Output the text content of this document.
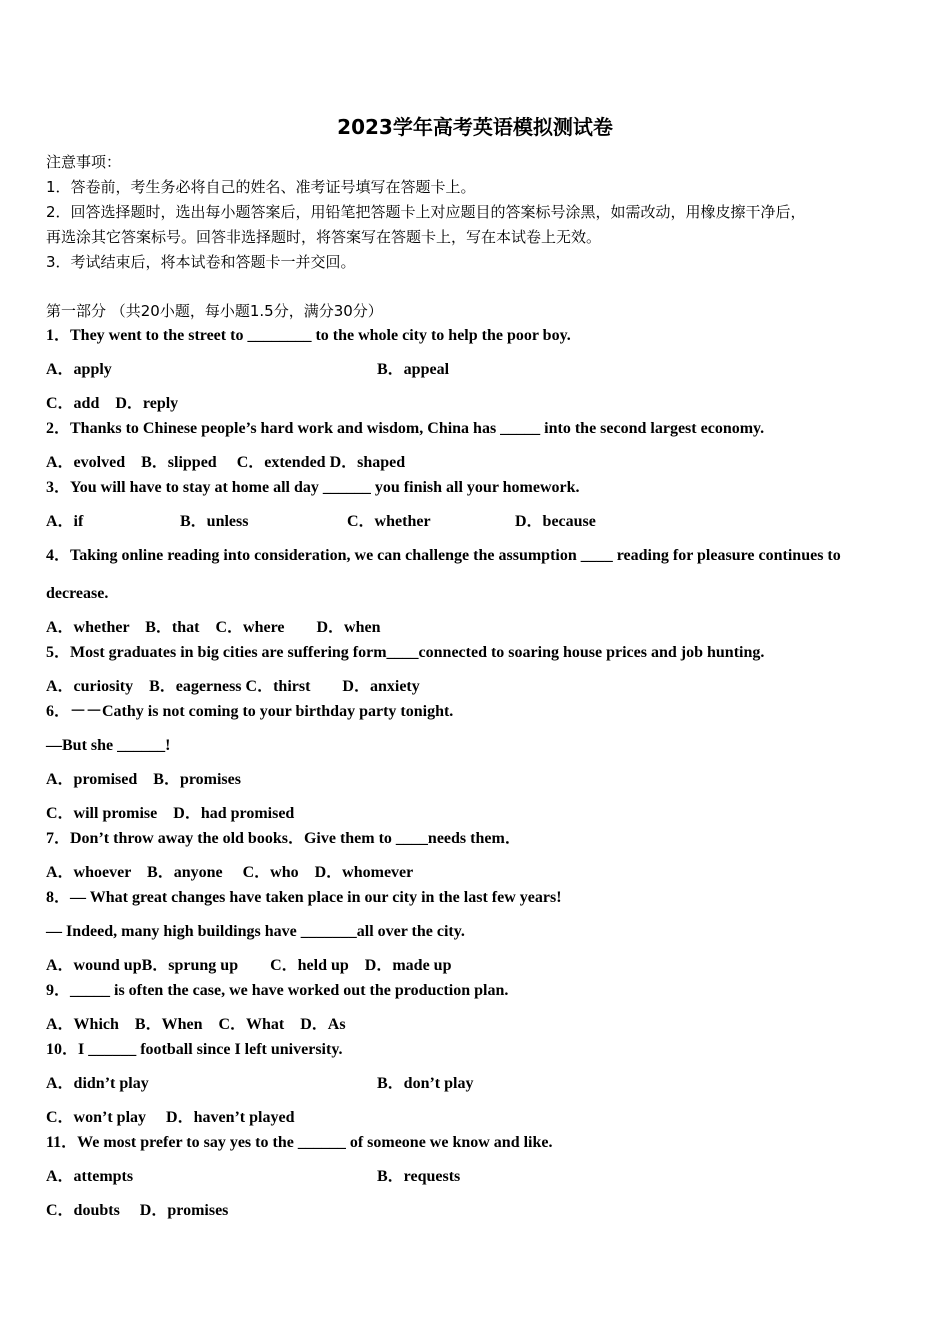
2023学年高考英语模拟测试卷
注意事项：
1．答卷前，考生务必将自己的姓名、准考证号填写在答题卡上。
2．回答选择题时，选出每小题答案后，用铅笔把答题卡上对应题目的答案标号涂黑，如需改动，用橡皮擦干净后，
再选涂其它答案标号。回答非选择题时，将答案写在答题卡上，写在本试卷上无效。
3．考试结束后，将本试卷和答题卡一并交回。
第一部分 （共20小题，每小题1.5分，满分30分）
1．They went to the street to ________ to the whole city to help the poor boy.
A．apply	B．appeal
C．add　D．reply
2．Thanks to Chinese people’s hard work and wisdom, China has _____ into the second largest economy.
A．evolved　B．slipped　 C．extended D．shaped
3．You will have to stay at home all day ______ you finish all your homework.
A．if	B．unless	C．whether	D．because
4．Taking online reading into consideration, we can challenge the assumption ____ reading for pleasure continues to
decrease.
A．whether　B．that　C．where　　D．when
5．Most graduates in big cities are suffering form____connected to soaring house prices and job hunting.
A．curiosity　B．eagerness C．thirst　　D．anxiety
6．－－Cathy is not coming to your birthday party tonight.
—But she ______!
A．promised　B．promises
C．will promise　D．had promised
7．Don’t throw away the old books．Give them to ____needs them．
A．whoever　B．anyone　 C．who　D．whomever
8．— What great changes have taken place in our city in the last few years!
— Indeed, many high buildings have _______all over the city.
A．wound upB．sprung up　　C．held up　D．made up
9．_____ is often the case, we have worked out the production plan.
A．Which　B．When　C．What　D．As
10．I ______ football since I left university.
A．didn’t play	B．don’t play
C．won’t play　 D．haven’t played
11．We most prefer to say yes to the ______ of someone we know and like.
A．attempts	B．requests
C．doubts　 D．promises
